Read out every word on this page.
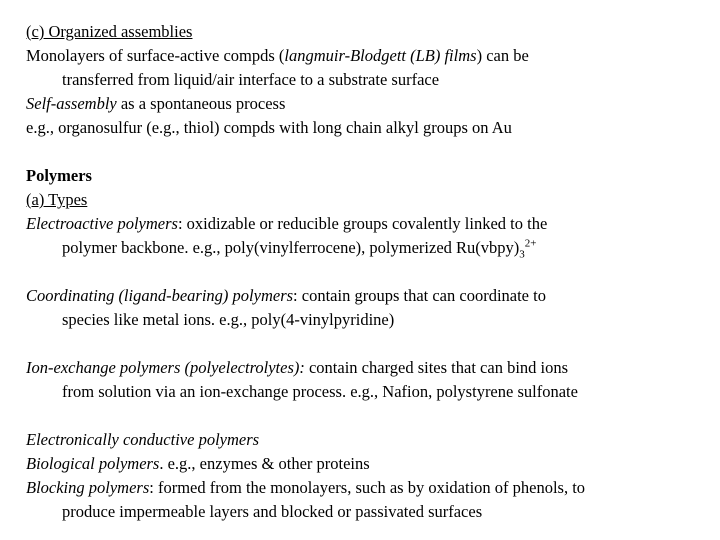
(c) Organized assemblies
Monolayers of surface-active compds (langmuir-Blodgett (LB) films) can be
transferred from liquid/air interface to a substrate surface
Self-assembly as a spontaneous process
e.g., organosulfur (e.g., thiol) compds with long chain alkyl groups on Au
Polymers
(a) Types
Electroactive polymers: oxidizable or reducible groups covalently linked to the
polymer backbone. e.g., poly(vinylferrocene), polymerized $Ru(vbpy)_3^{2+}$
Coordinating (ligand-bearing) polymers: contain groups that can coordinate to
species like metal ions. e.g., poly(4-vinylpyridine)
Ion-exchange polymers (polyelectrolytes): contain charged sites that can bind ions
from solution via an ion-exchange process. e.g., Nafion, polystyrene sulfonate
Electronically conductive polymers
Biological polymers. e.g., enzymes & other proteins
Blocking polymers: formed from the monolayers, such as by oxidation of phenols, to
produce impermeable layers and blocked or passivated surfaces
